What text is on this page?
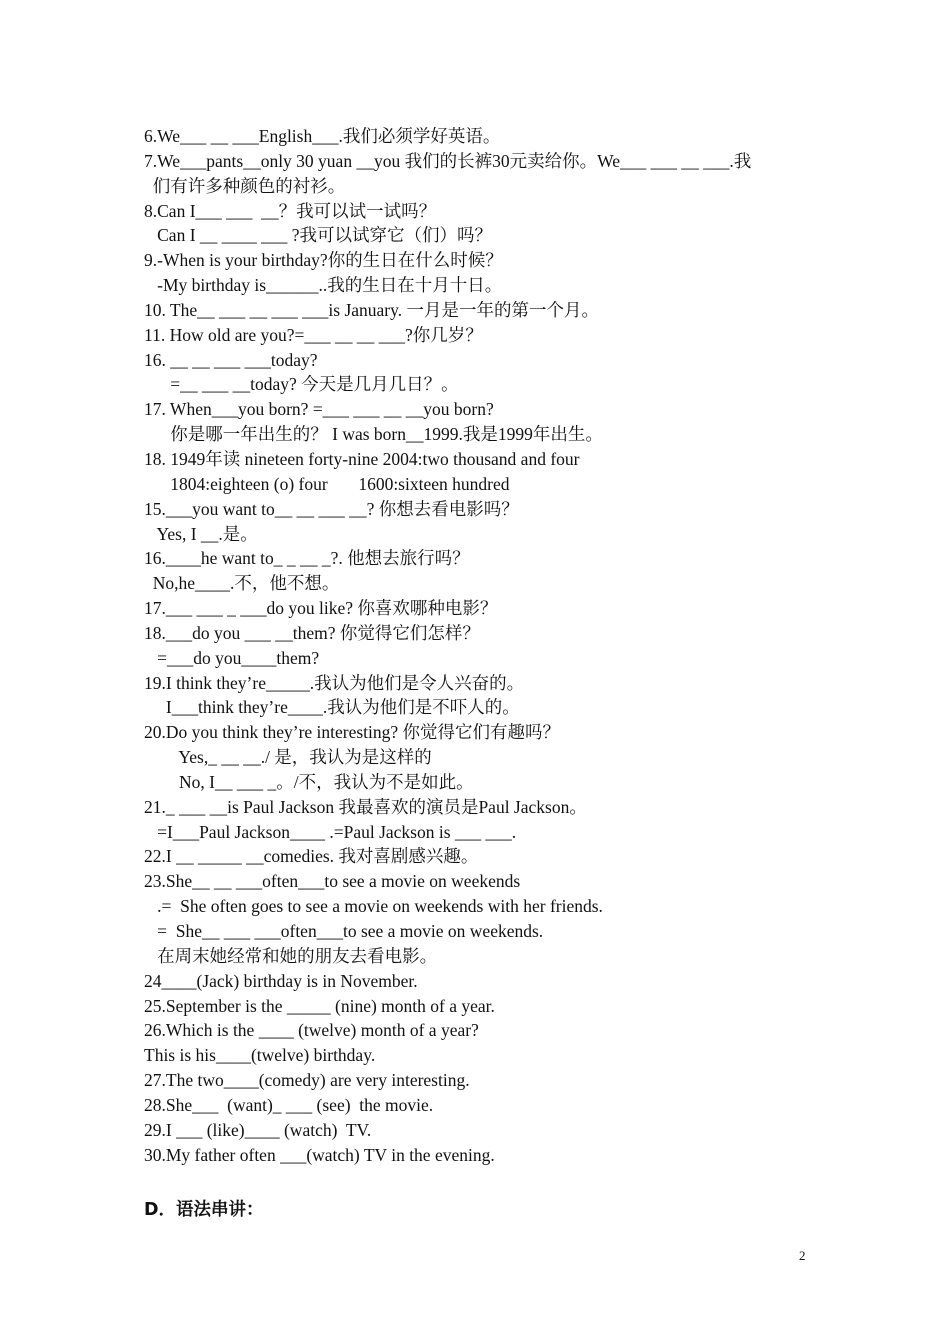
6.We___ __ ___English___.我们必须学好英语。
7.We___pants__only 30 yuan __you 我们的长裤30元卖给你。We___ ___ __ ___.我
们有许多种颜色的衬衫。
8.Can I___ ___  __？我可以试一试吗？
Can I __ ____ ___ ?我可以试穿它（们）吗？
9.-When is your birthday?你的生日在什么时候？
-My birthday is______..我的生日在十月十日。
10. The__ ___ __ ___ ___is January. 一月是一年的第一个月。
11. How old are you?=___ __ __ ___?你几岁？
16. __ __ ___ ___today?
=__ ___ __today? 今天是几月几日？。
17. When___you born? =___ ___ __ __you born?
你是哪一年出生的？ I was born__1999.我是1999年出生。
18. 1949年读 nineteen forty-nine 2004:two thousand and four
1804:eighteen (o) four       1600:sixteen hundred
15.___you want to__ __ ___ __? 你想去看电影吗？
Yes, I __.是。
16.____he want to_ _ __ _?. 他想去旅行吗？
No,he____.不，他不想。
17.___ ___ _ ___do you like? 你喜欢哪种电影？
18.___do you ___ __them? 你觉得它们怎样？
=___do you____them?
19.I think they’re_____.我认为他们是令人兴奋的。
I___think they’re____.我认为他们是不吓人的。
20.Do you think they’re interesting? 你觉得它们有趣吗？
Yes,_ __ __./ 是，我认为是这样的
No, I__ ___ _。/不，我认为不是如此。
21._ ___ __is Paul Jackson 我最喜欢的演员是Paul Jackson。
=I___Paul Jackson____ .=Paul Jackson is ___ ___.
22.I __ _____ __comedies. 我对喜剧感兴趣。
23.She__ __ ___often___to see a movie on weekends
.=  She often goes to see a movie on weekends with her friends.
=  She__ ___ ___often___to see a movie on weekends.
在周末她经常和她的朋友去看电影。
24____(Jack) birthday is in November.
25.September is the _____ (nine) month of a year.
26.Which is the ____ (twelve) month of a year?
This is his____(twelve) birthday.
27.The two____(comedy) are very interesting.
28.She___  (want)_ ___ (see)  the movie.
29.I ___ (like)____ (watch)  TV.
30.My father often ___(watch) TV in the evening.
D．语法串讲：
2
